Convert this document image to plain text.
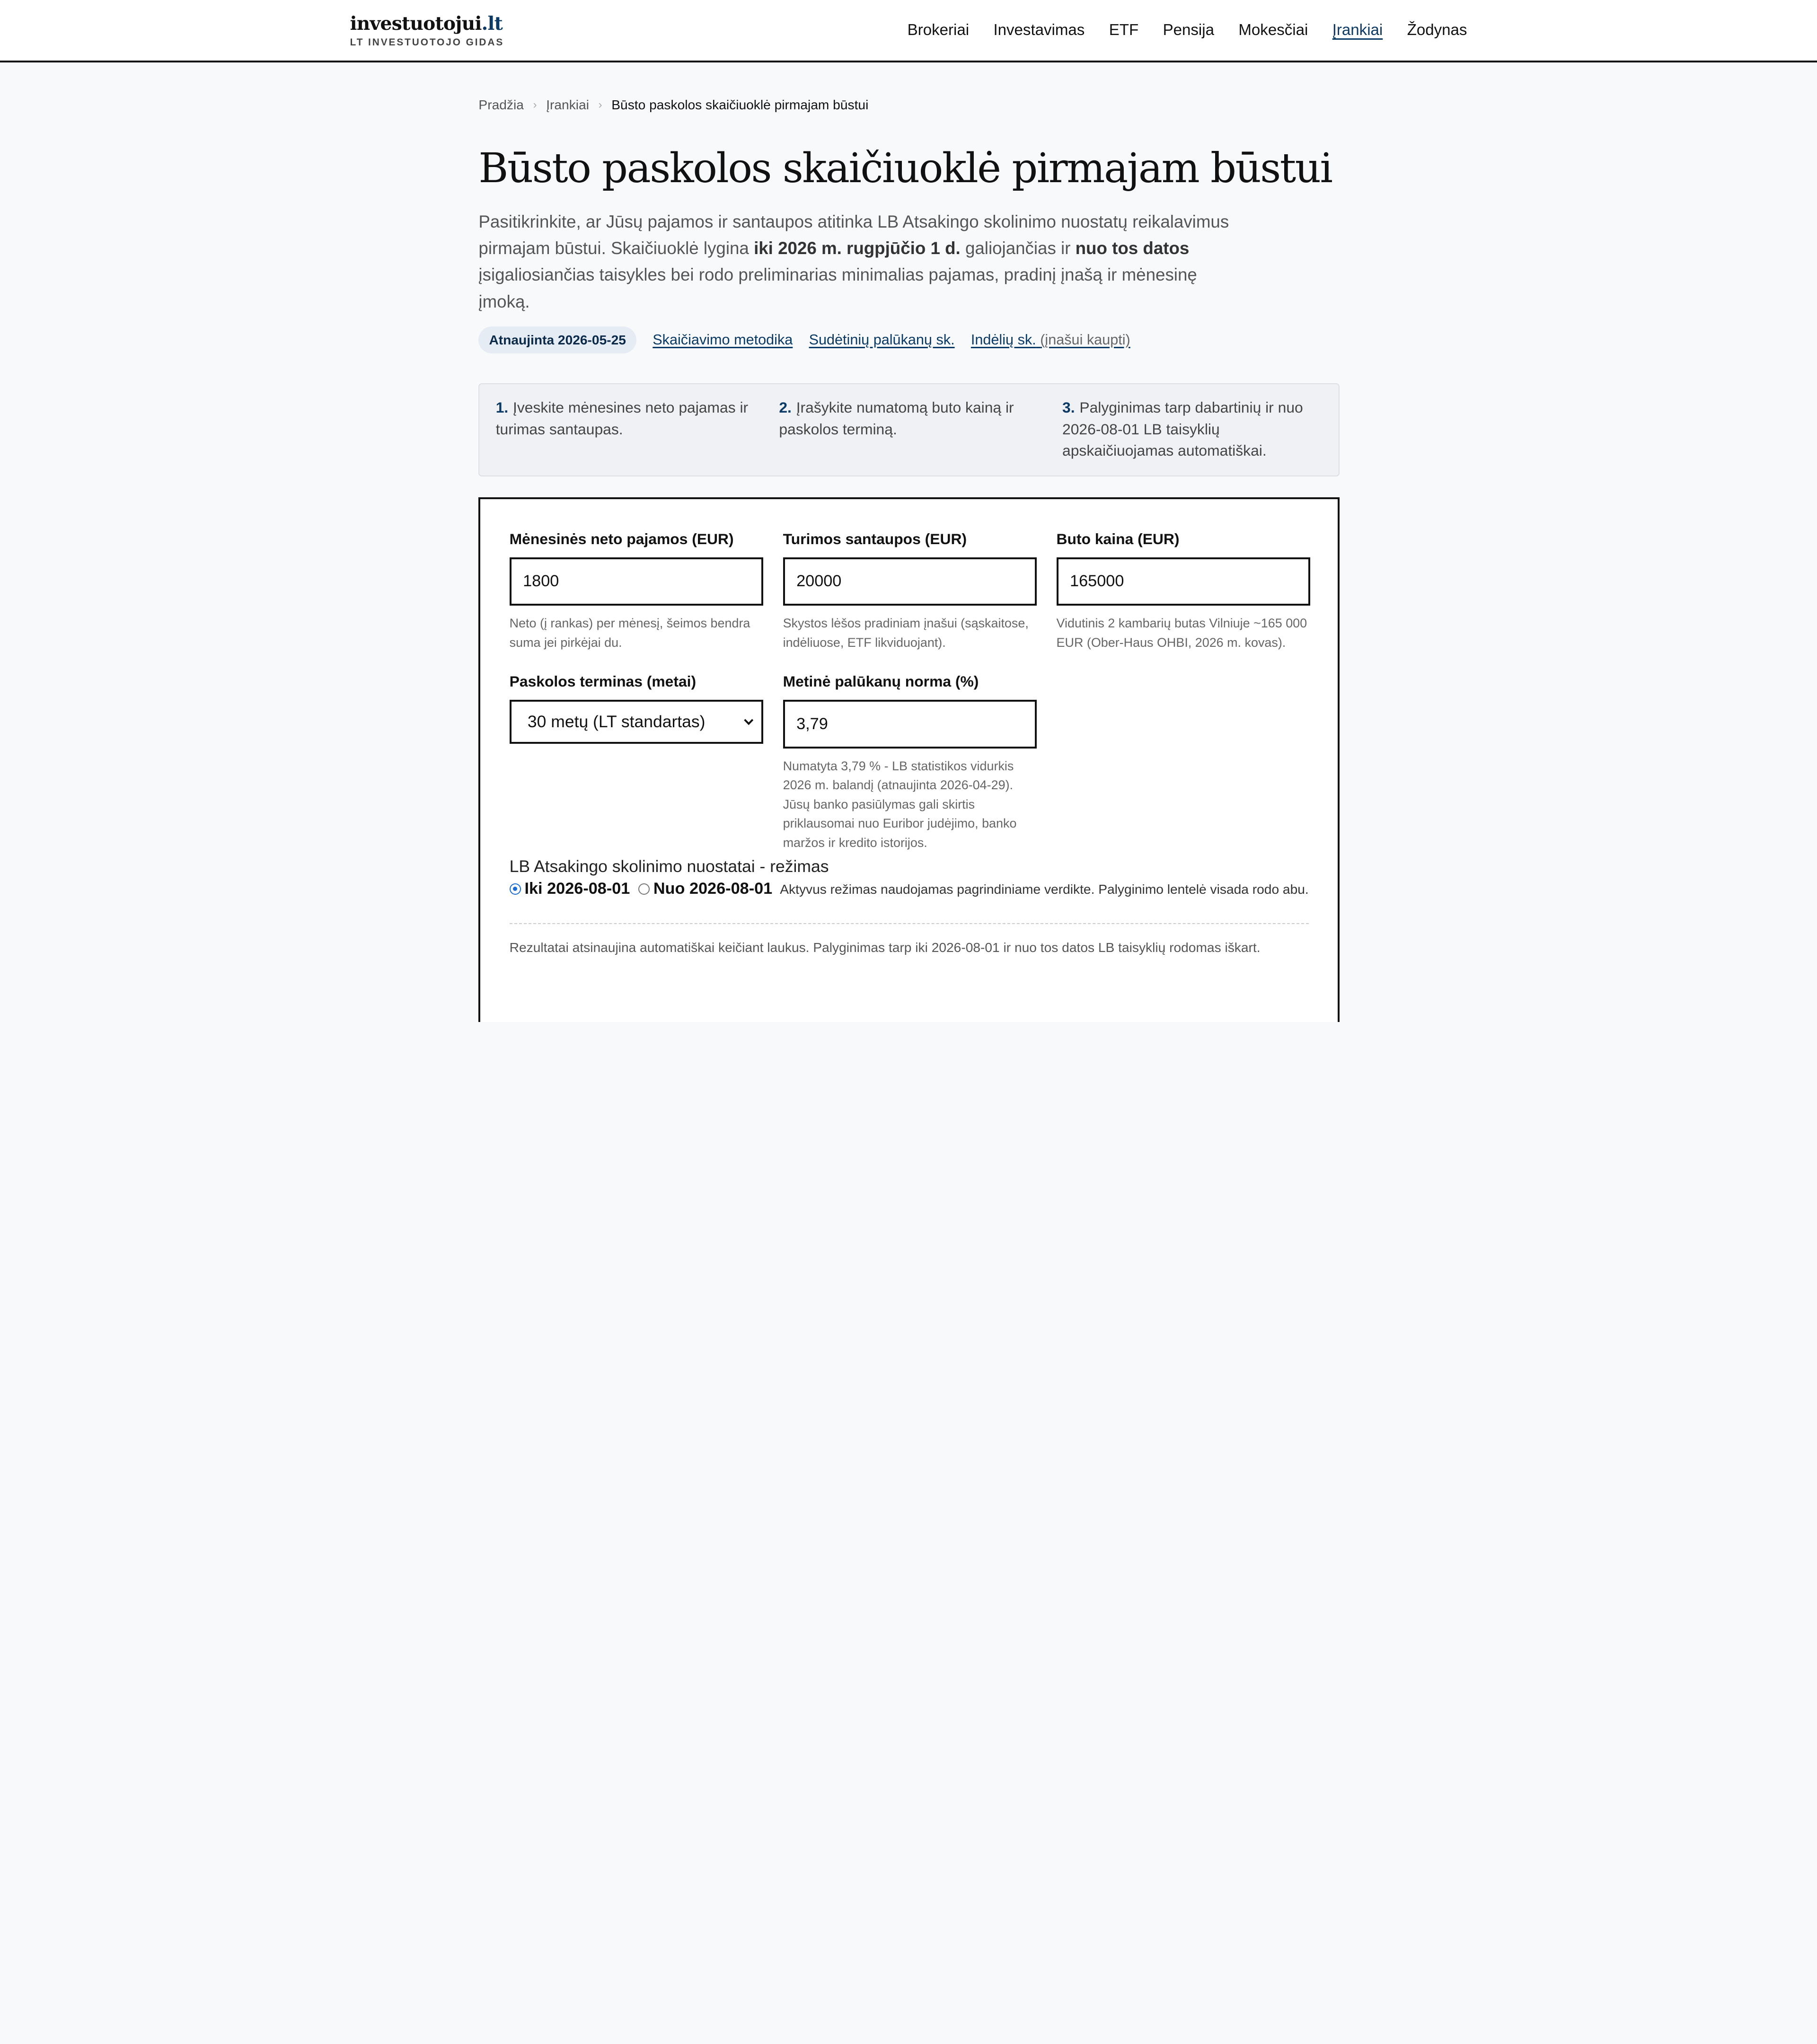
investuotojui.lt
LT INVESTUOTOJO GIDAS
Brokeriai	Investavimas	ETF	Pensija	Mokesčiai	Įrankiai	Žodynas
Pradžia › Įrankiai › Būsto paskolos skaičiuoklė pirmajam būstui
Būsto paskolos skaičiuoklė pirmajam būstui

Pasitikrinkite, ar Jūsų pajamos ir santaupos atitinka LB Atsakingo skolinimo nuostatų reikalavimus pirmajam būstui. Skaičiuoklė lygina iki 2026 m. rugpjūčio 1 d. galiojančias ir nuo tos datos įsigaliosiančias taisykles bei rodo preliminarias minimalias pajamas, pradinį įnašą ir mėnesinę įmoką.

Atnaujinta 2026-05-25	Skaičiavimo metodika	Sudėtinių palūkanų sk.	Indėlių sk. (įnašui kaupti)
1. Įveskite mėnesines neto pajamas ir turimas santaupas.
2. Įrašykite numatomą buto kainą ir paskolos terminą.
3. Palyginimas tarp dabartinių ir nuo 2026-08-01 LB taisyklių apskaičiuojamas automatiškai.
Mėnesinės neto pajamos (EUR)
1800
Neto (į rankas) per mėnesį, šeimos bendra suma jei pirkėjai du.
Turimos santaupos (EUR)
20000
Skystos lėšos pradiniam įnašui (sąskaitose, indėliuose, ETF likviduojant).
Buto kaina (EUR)
165000
Vidutinis 2 kambarių butas Vilniuje ~165 000 EUR (Ober-Haus OHBI, 2026 m. kovas).
Paskolos terminas (metai)
30 metų (LT standartas)
Metinė palūkanų norma (%)
3,79
Numatyta 3,79 % - LB statistikos vidurkis 2026 m. balandį (atnaujinta 2026-04-29). Jūsų banko pasiūlymas gali skirtis priklausomai nuo Euribor judėjimo, banko maržos ir kredito istorijos.
LB Atsakingo skolinimo nuostatai - režimas
Iki 2026-08-01	Nuo 2026-08-01 Aktyvus režimas naudojamas pagrindiniame verdikte. Palyginimo lentelė visada rodo abu.
Rezultatai atsinaujina automatiškai keičiant laukus. Palyginimas tarp iki 2026-08-01 ir nuo tos datos LB taisyklių rodomas iškart.
